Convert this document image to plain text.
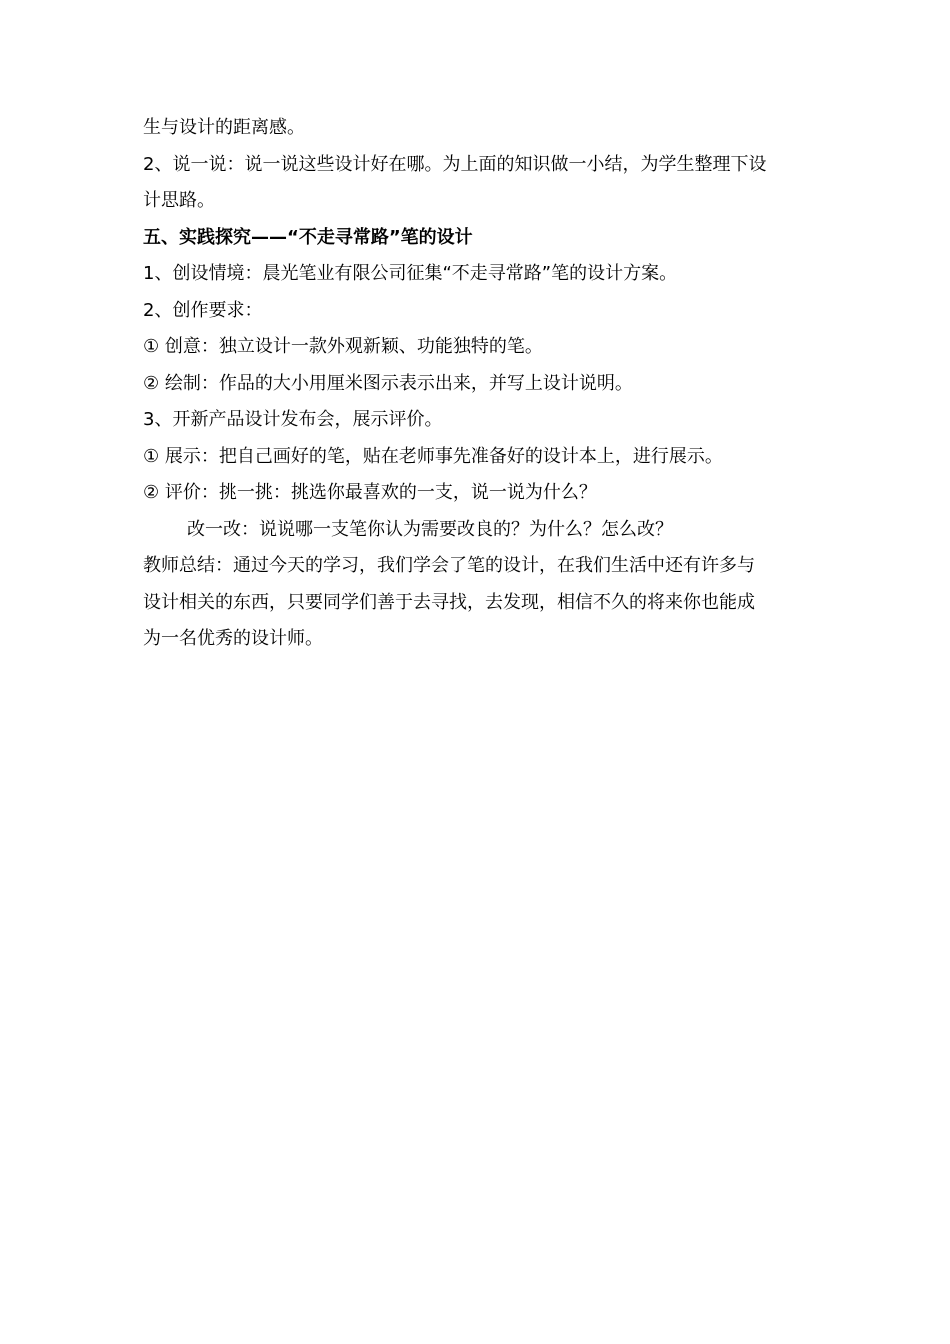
生与设计的距离感。
2、说一说：说一说这些设计好在哪。为上面的知识做一小结，为学生整理下设
计思路。
五、实践探究——“不走寻常路”笔的设计
1、创设情境：晨光笔业有限公司征集“不走寻常路”笔的设计方案。
2、创作要求：
① 创意：独立设计一款外观新颖、功能独特的笔。
② 绘制：作品的大小用厘米图示表示出来，并写上设计说明。
3、开新产品设计发布会，展示评价。
① 展示：把自己画好的笔，贴在老师事先准备好的设计本上，进行展示。
② 评价：挑一挑：挑选你最喜欢的一支，说一说为什么？
改一改：说说哪一支笔你认为需要改良的？为什么？怎么改？
教师总结：通过今天的学习，我们学会了笔的设计，在我们生活中还有许多与
设计相关的东西，只要同学们善于去寻找，去发现，相信不久的将来你也能成
为一名优秀的设计师。
